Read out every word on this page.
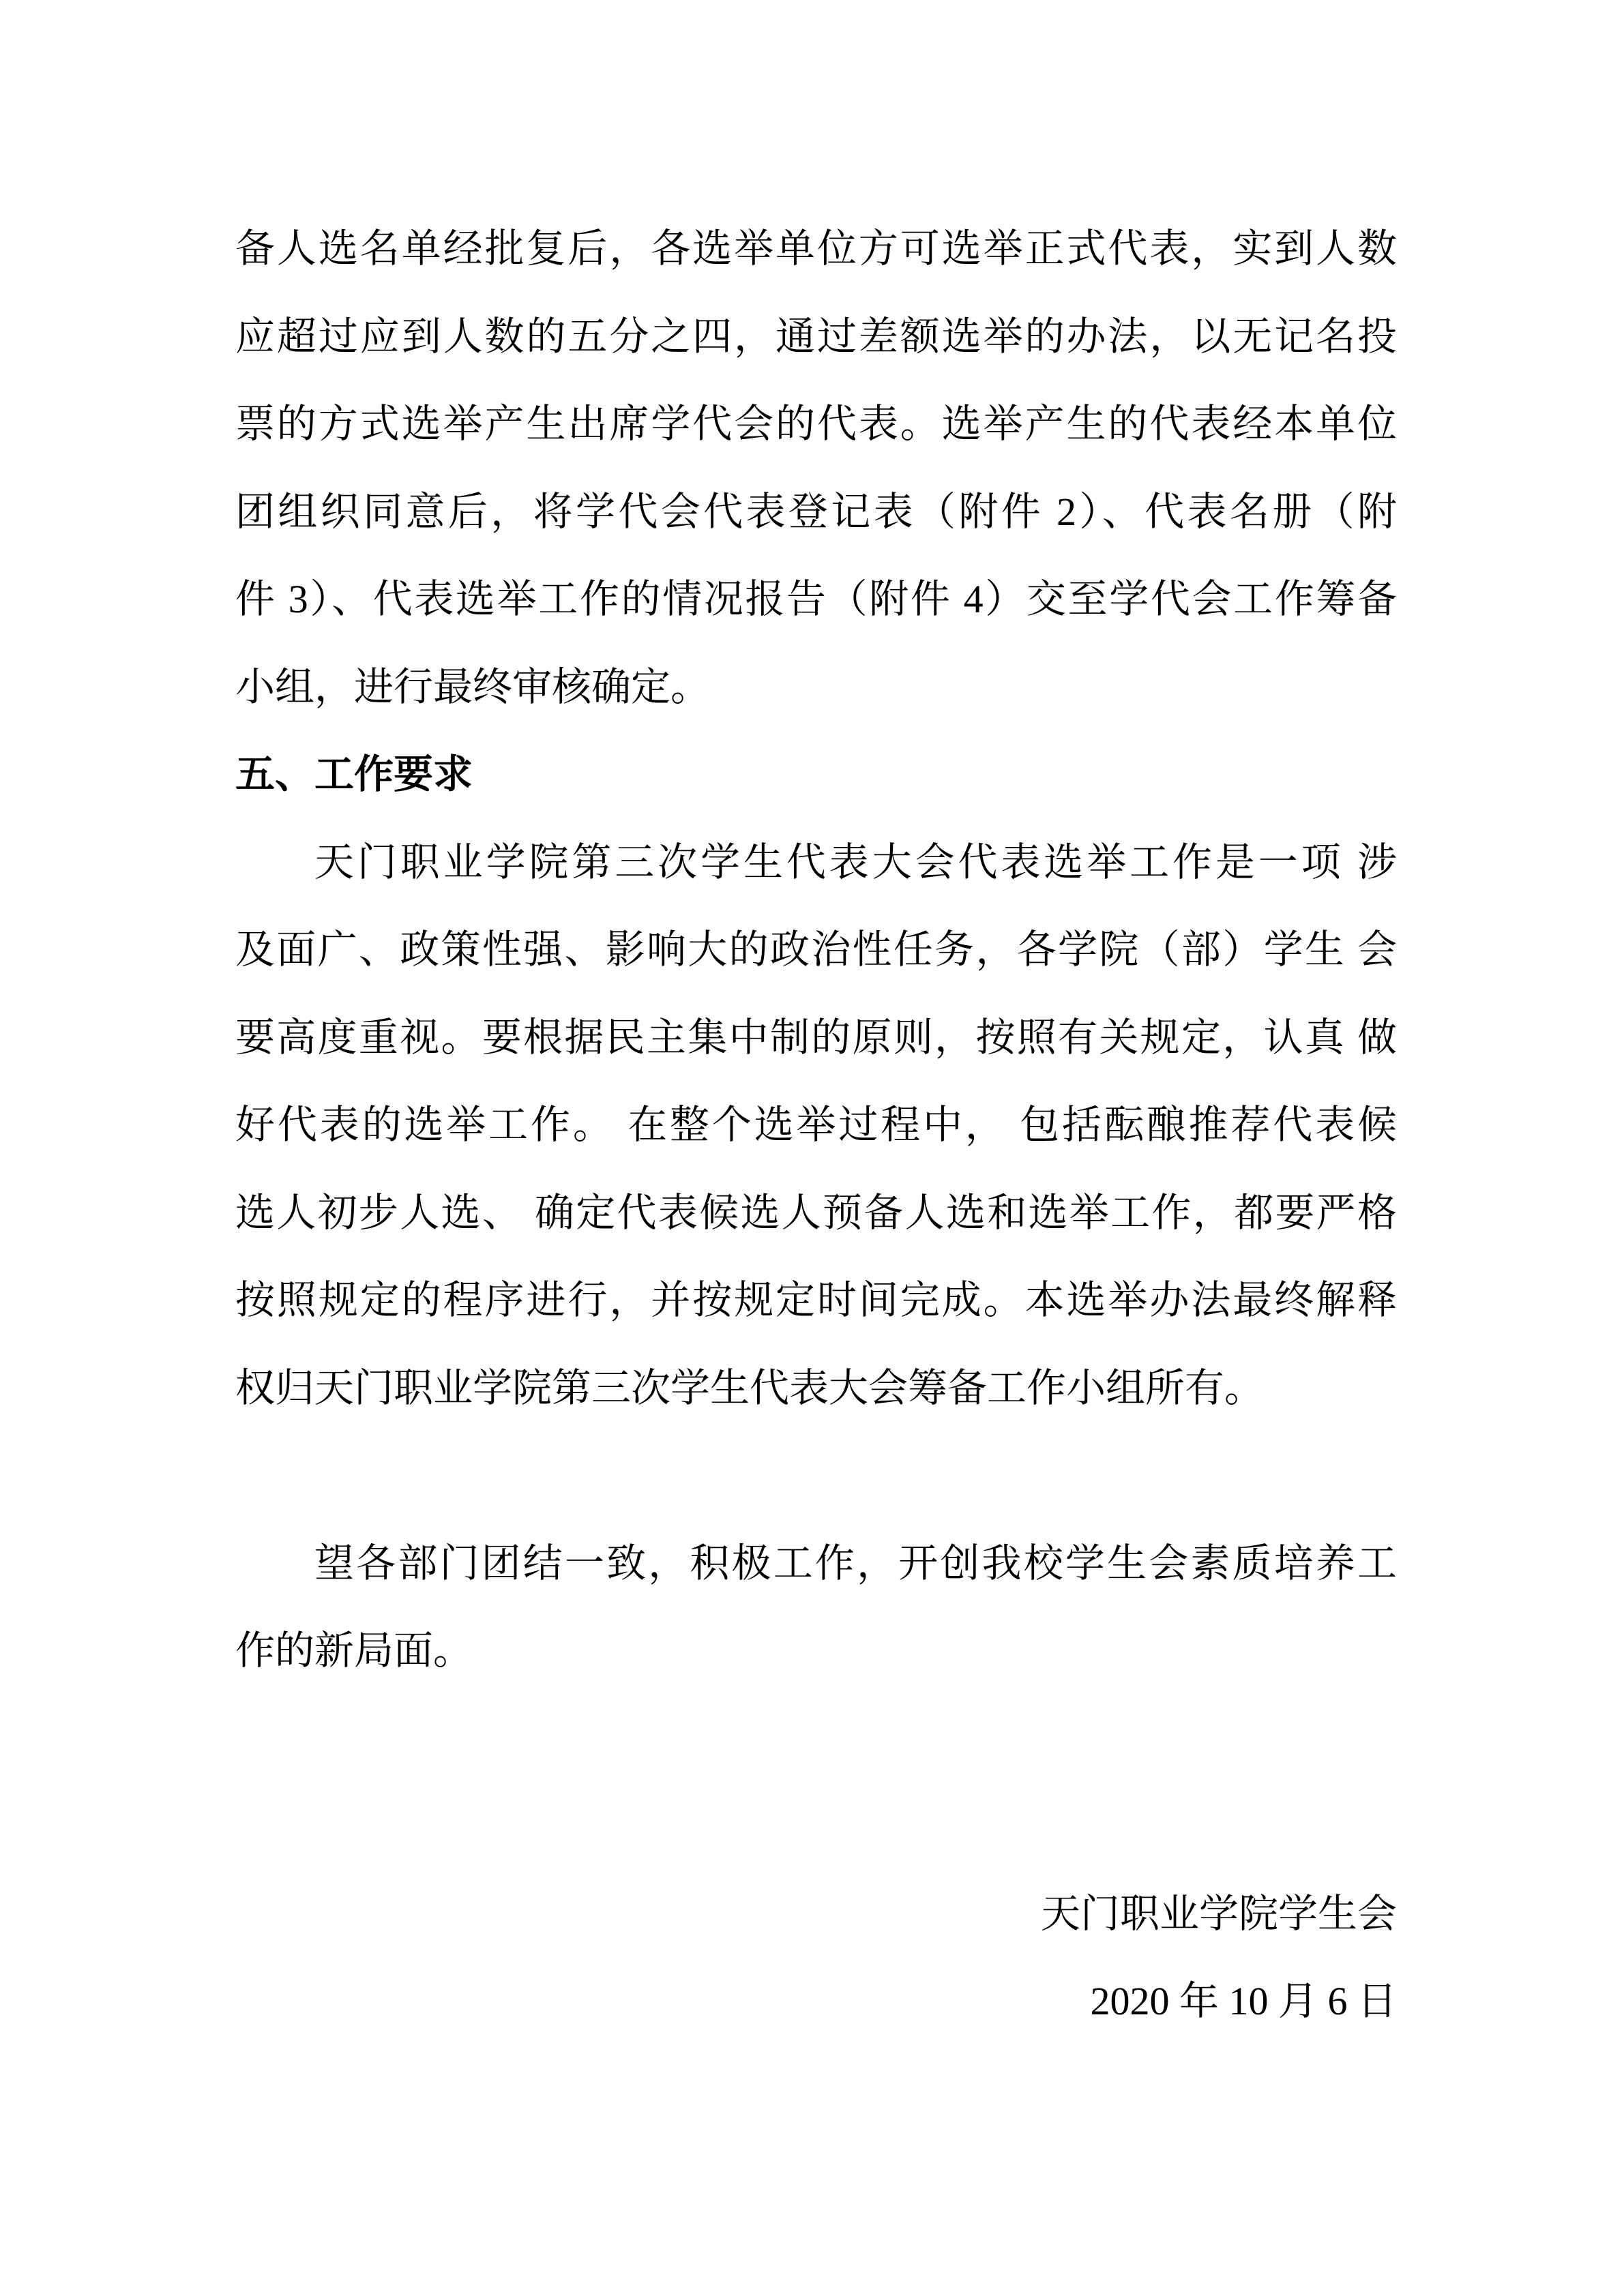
备人选名单经批复后，各选举单位方可选举正式代表，实到人数
应超过应到人数的五分之四，通过差额选举的办法，以无记名投
票的方式选举产生出席学代会的代表。选举产生的代表经本单位
团组织同意后，将学代会代表登记表（附件 2）、代表名册（附
件 3）、代表选举工作的情况报告（附件 4）交至学代会工作筹备
小组，进行最终审核确定。
五、工作要求
天门职业学院第三次学生代表大会代表选举工作是一项 涉
及面广、政策性强、影响大的政治性任务，各学院（部）学生 会
要高度重视。要根据民主集中制的原则，按照有关规定，认真 做
好代表的选举工作。 在整个选举过程中， 包括酝酿推荐代表候
选人初步人选、 确定代表候选人预备人选和选举工作，都要严格
按照规定的程序进行，并按规定时间完成。本选举办法最终解释
权归天门职业学院第三次学生代表大会筹备工作小组所有。
望各部门团结一致，积极工作，开创我校学生会素质培养工
作的新局面。
天门职业学院学生会
2020 年 10 月 6 日
